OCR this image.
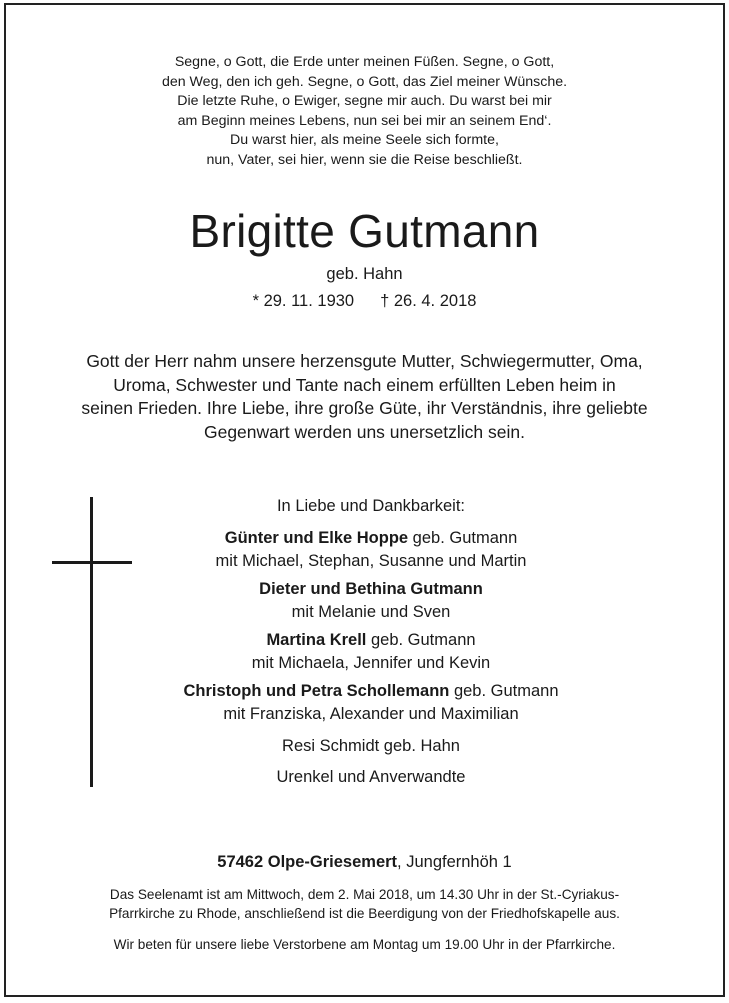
Segne, o Gott, die Erde unter meinen Füßen. Segne, o Gott,
den Weg, den ich geh. Segne, o Gott, das Ziel meiner Wünsche.
Die letzte Ruhe, o Ewiger, segne mir auch. Du warst bei mir
am Beginn meines Lebens, nun sei bei mir an seinem End‘.
Du warst hier, als meine Seele sich formte,
nun, Vater, sei hier, wenn sie die Reise beschließt.
Brigitte Gutmann
geb. Hahn
* 29. 11. 1930 † 26. 4. 2018
Gott der Herr nahm unsere herzensgute Mutter, Schwiegermutter, Oma,
Uroma, Schwester und Tante nach einem erfüllten Leben heim in
seinen Frieden. Ihre Liebe, ihre große Güte, ihr Verständnis, ihre geliebte
Gegenwart werden uns unersetzlich sein.
In Liebe und Dankbarkeit:
Günter und Elke Hoppe geb. Gutmann
mit Michael, Stephan, Susanne und Martin
Dieter und Bethina Gutmann
mit Melanie und Sven
Martina Krell geb. Gutmann
mit Michaela, Jennifer und Kevin
Christoph und Petra Schollemann geb. Gutmann
mit Franziska, Alexander und Maximilian
Resi Schmidt geb. Hahn
Urenkel und Anverwandte
57462 Olpe-Griesemert, Jungfernhöh 1
Das Seelenamt ist am Mittwoch, dem 2. Mai 2018, um 14.30 Uhr in der St.-Cyriakus-
Pfarrkirche zu Rhode, anschließend ist die Beerdigung von der Friedhofskapelle aus.
Wir beten für unsere liebe Verstorbene am Montag um 19.00 Uhr in der Pfarrkirche.
